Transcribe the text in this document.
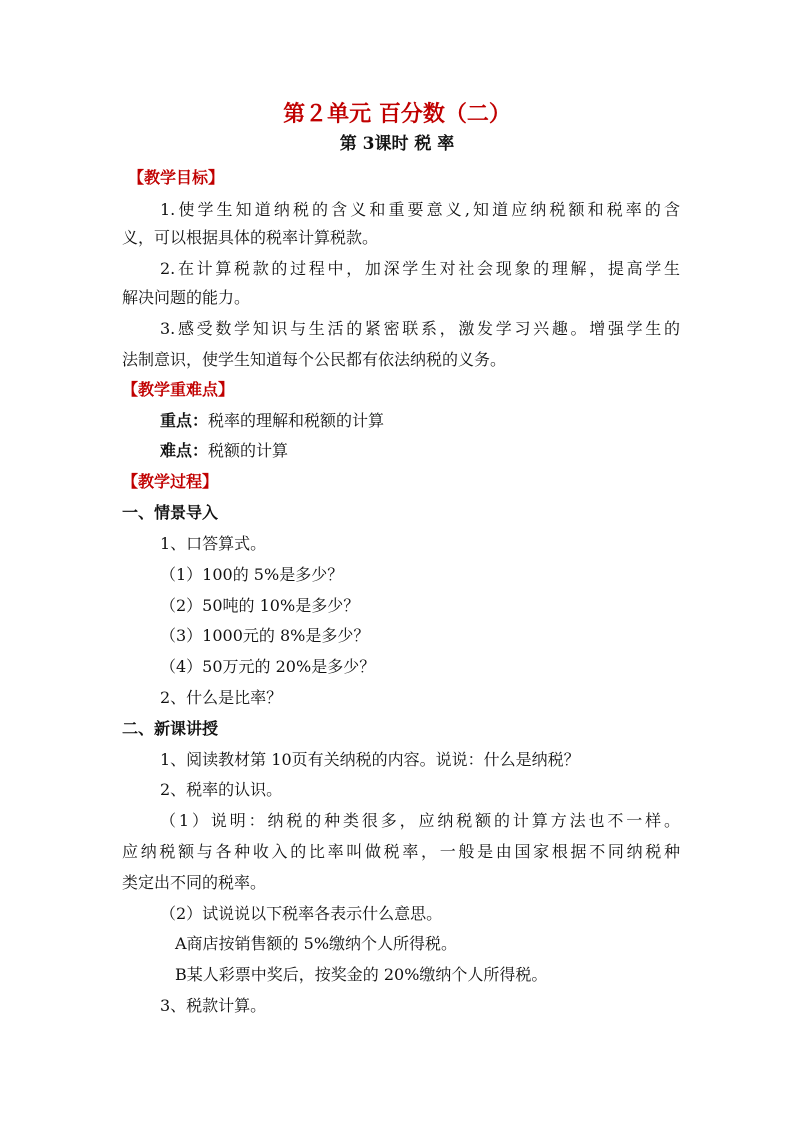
第２单元 百分数（二）
第 3课时 税 率
【教学目标】
1.使学生知道纳税的含义和重要意义,知道应纳税额和税率的含
义，可以根据具体的税率计算税款。
2.在计算税款的过程中，加深学生对社会现象的理解，提高学生
解决问题的能力。
3.感受数学知识与生活的紧密联系，激发学习兴趣。增强学生的
法制意识，使学生知道每个公民都有依法纳税的义务。
【教学重难点】
重点：税率的理解和税额的计算
难点：税额的计算
【教学过程】
一、情景导入
1、口答算式。
（1）100的 5%是多少？
（2）50吨的 10%是多少？
（3）1000元的 8%是多少？
（4）50万元的 20%是多少？
2、什么是比率？
二、新课讲授
1、阅读教材第 10页有关纳税的内容。说说：什么是纳税？
2、税率的认识。
（1）说明：纳税的种类很多，应纳税额的计算方法也不一样。
应纳税额与各种收入的比率叫做税率，一般是由国家根据不同纳税种
类定出不同的税率。
（2）试说说以下税率各表示什么意思。
A商店按销售额的 5%缴纳个人所得税。
B某人彩票中奖后，按奖金的 20%缴纳个人所得税。
3、税款计算。
